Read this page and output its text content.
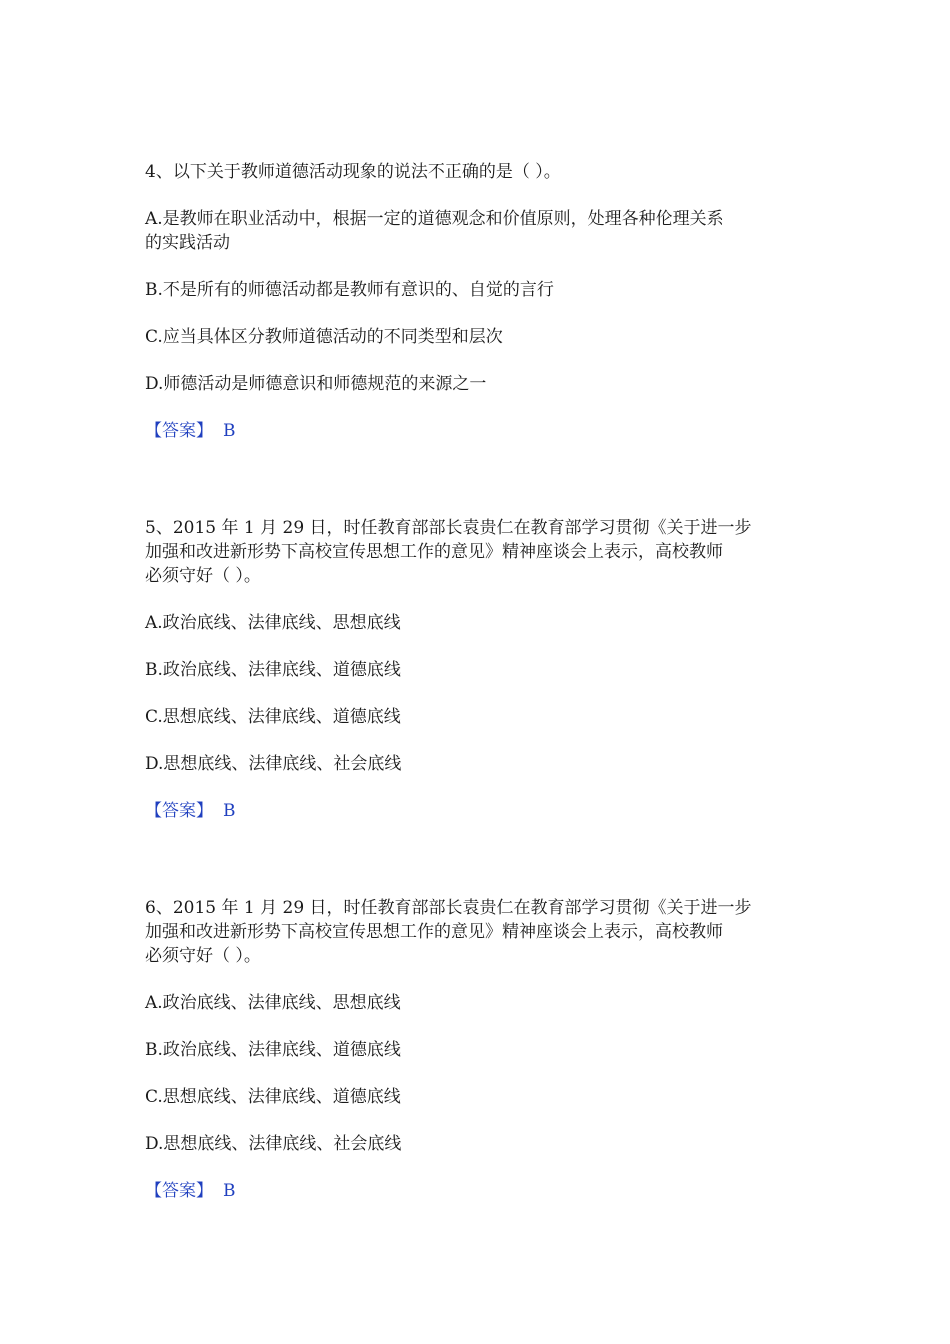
4、以下关于教师道德活动现象的说法不正确的是（ ）。

A.是教师在职业活动中，根据一定的道德观念和价值原则，处理各种伦理关系

的实践活动

B.不是所有的师德活动都是教师有意识的、自觉的言行

C.应当具体区分教师道德活动的不同类型和层次

D.师德活动是师德意识和师德规范的来源之一

【答案】 B

5、2015 年 1 月 29 日，时任教育部部长袁贵仁在教育部学习贯彻《关于进一步

加强和改进新形势下高校宣传思想工作的意见》精神座谈会上表示，高校教师

必须守好（ ）。

A.政治底线、法律底线、思想底线

B.政治底线、法律底线、道德底线

C.思想底线、法律底线、道德底线

D.思想底线、法律底线、社会底线

【答案】 B

6、2015 年 1 月 29 日，时任教育部部长袁贵仁在教育部学习贯彻《关于进一步

加强和改进新形势下高校宣传思想工作的意见》精神座谈会上表示，高校教师

必须守好（ ）。

A.政治底线、法律底线、思想底线

B.政治底线、法律底线、道德底线

C.思想底线、法律底线、道德底线

D.思想底线、法律底线、社会底线

【答案】 B
